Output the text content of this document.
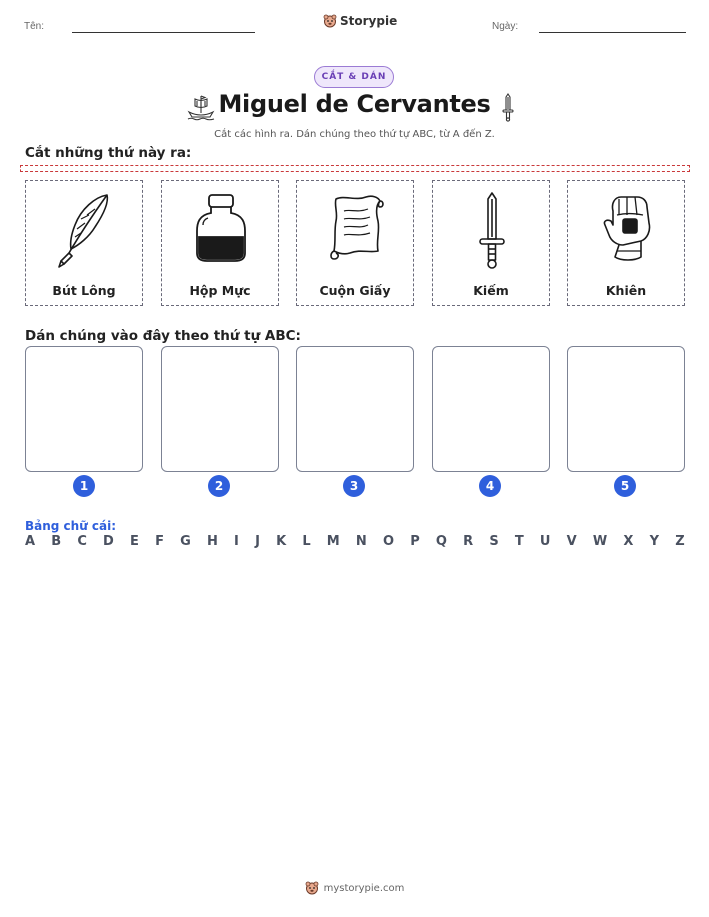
Tên:	Storypie	Ngày:
CẮT & DÁN
Miguel de Cervantes
Cắt các hình ra. Dán chúng theo thứ tự ABC, từ A đến Z.
Cắt những thứ này ra:
Bút Lông	Hộp Mực	Cuộn Giấy	Kiếm	Khiên
Dán chúng vào đây theo thứ tự ABC:
1	2	3	4	5
Bảng chữ cái:
A B C D E F G H I J K L M N O P Q R S T U V W X Y Z
mystorypie.com
